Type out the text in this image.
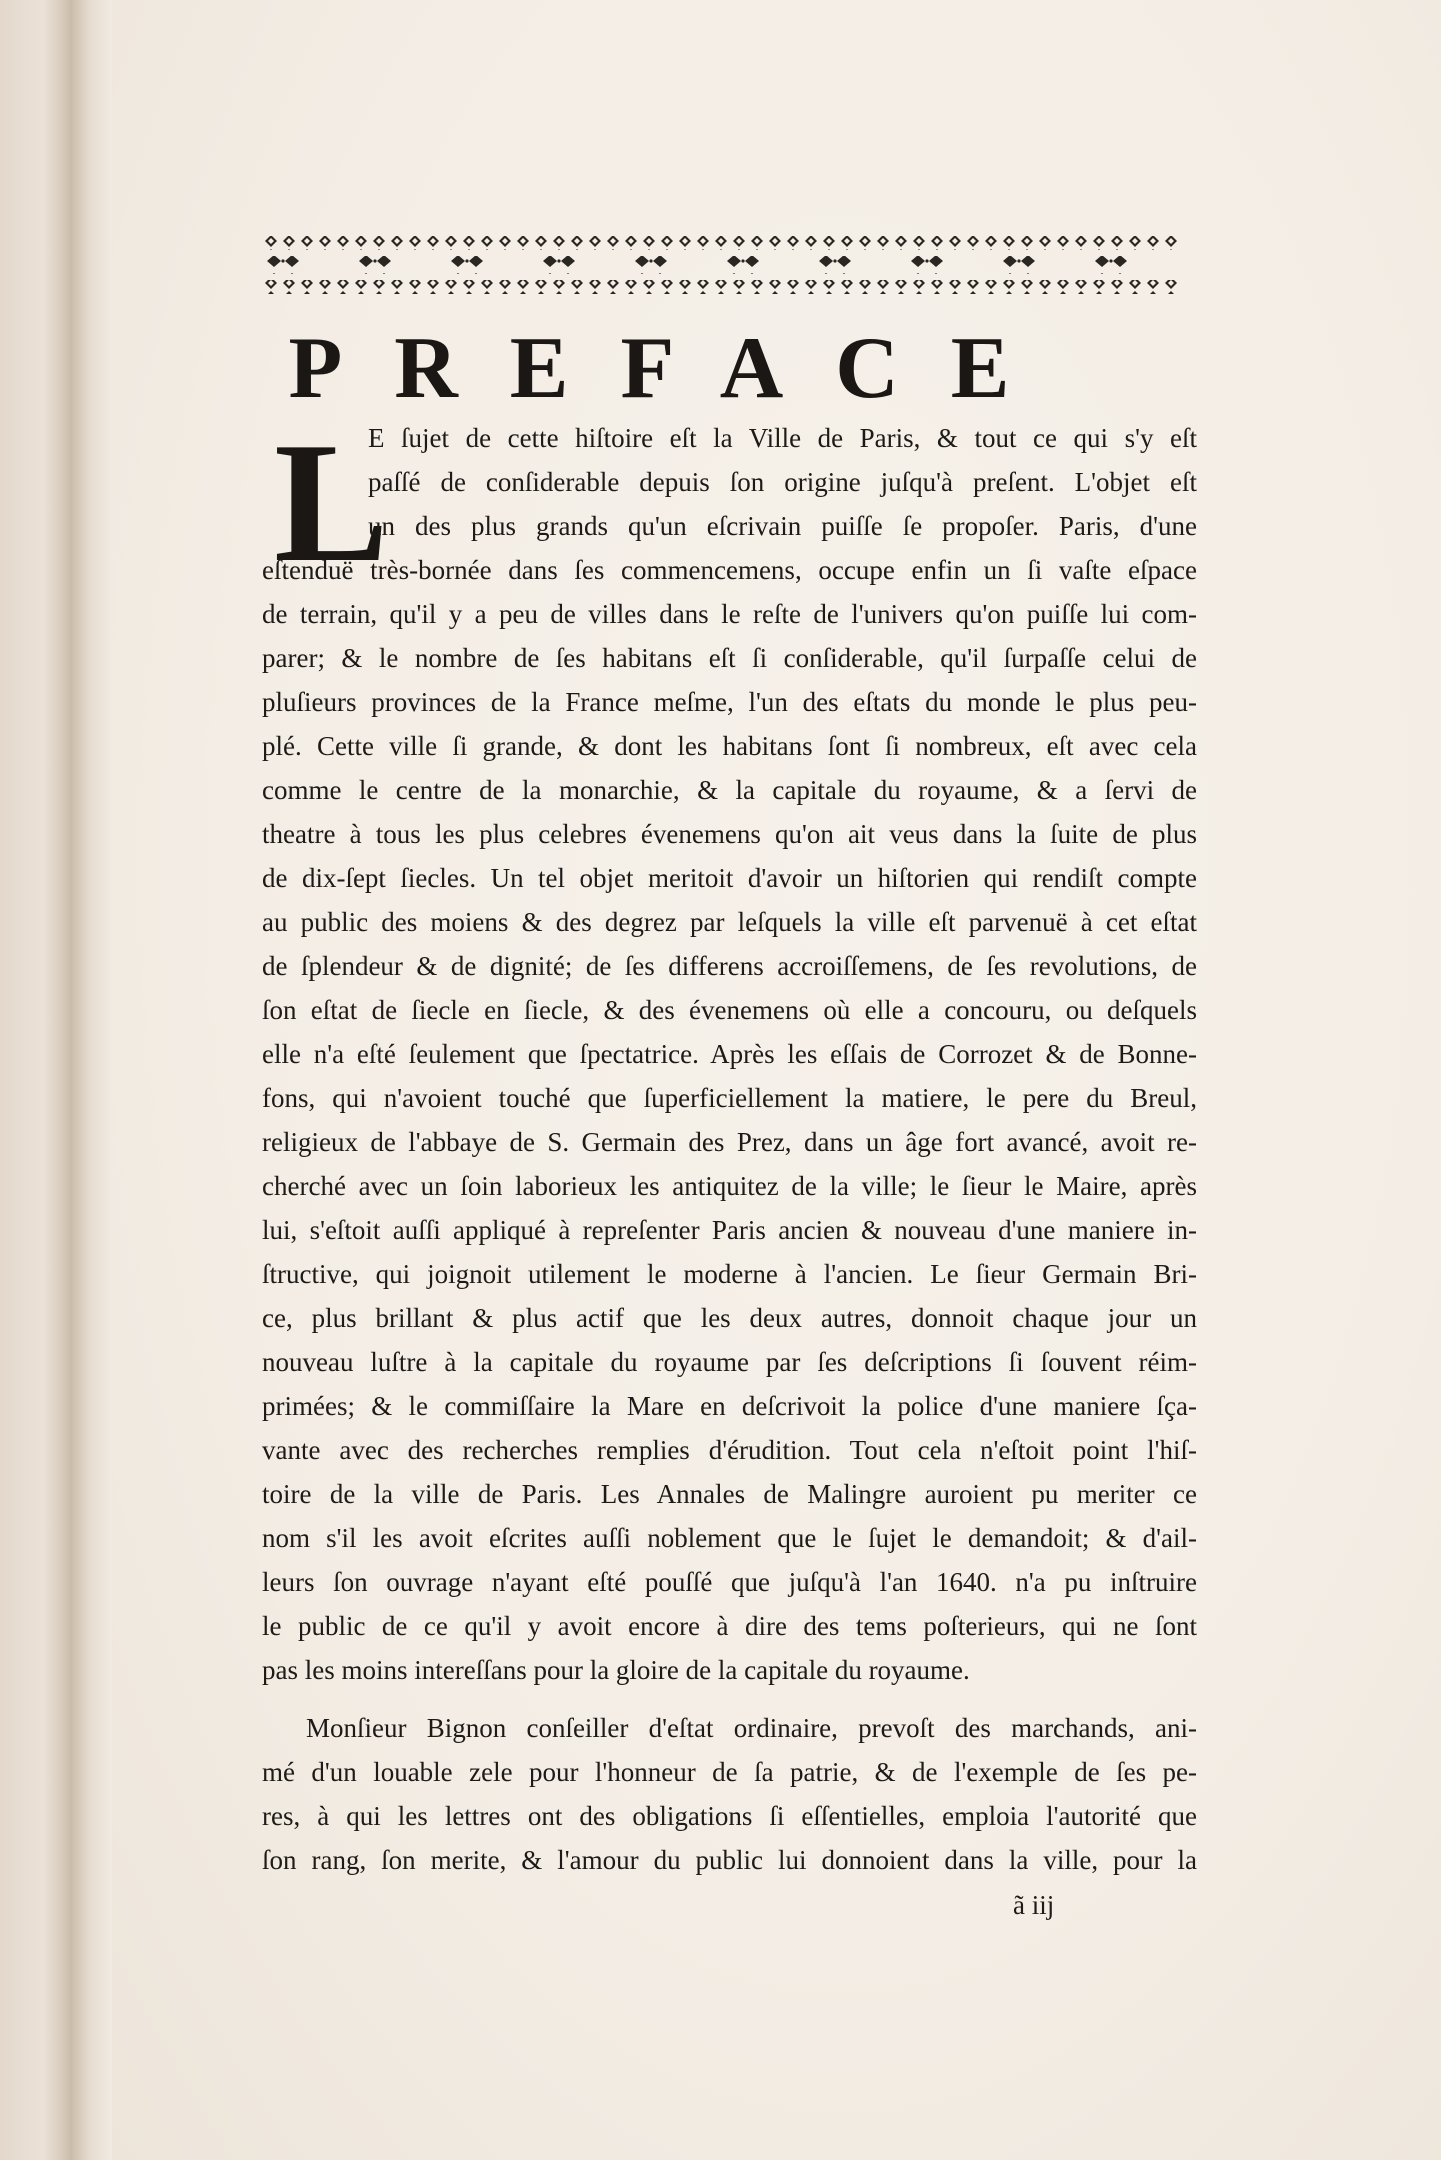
PREFACE
L

E ſujet de cette hiſtoire eſt la Ville de Paris, & tout ce qui s'y eſt

paſſé de conſiderable depuis ſon origine juſqu'à preſent. L'objet eſt

un des plus grands qu'un eſcrivain puiſſe ſe propoſer. Paris, d'une

eſtenduë très-bornée dans ſes commencemens, occupe enfin un ſi vaſte eſpace

de terrain, qu'il y a peu de villes dans le reſte de l'univers qu'on puiſſe lui com-

parer; & le nombre de ſes habitans eſt ſi conſiderable, qu'il ſurpaſſe celui de

pluſieurs provinces de la France meſme, l'un des eſtats du monde le plus peu-

plé. Cette ville ſi grande, & dont les habitans ſont ſi nombreux, eſt avec cela

comme le centre de la monarchie, & la capitale du royaume, & a ſervi de

theatre à tous les plus celebres évenemens qu'on ait veus dans la ſuite de plus

de dix-ſept ſiecles. Un tel objet meritoit d'avoir un hiſtorien qui rendiſt compte

au public des moiens & des degrez par leſquels la ville eſt parvenuë à cet eſtat

de ſplendeur & de dignité; de ſes differens accroiſſemens, de ſes revolutions, de

ſon eſtat de ſiecle en ſiecle, & des évenemens où elle a concouru, ou deſquels

elle n'a eſté ſeulement que ſpectatrice. Après les eſſais de Corrozet & de Bonne-

fons, qui n'avoient touché que ſuperficiellement la matiere, le pere du Breul,

religieux de l'abbaye de S. Germain des Prez, dans un âge fort avancé, avoit re-

cherché avec un ſoin laborieux les antiquitez de la ville; le ſieur le Maire, après

lui, s'eſtoit auſſi appliqué à repreſenter Paris ancien & nouveau d'une maniere in-

ſtructive, qui joignoit utilement le moderne à l'ancien. Le ſieur Germain Bri-

ce, plus brillant & plus actif que les deux autres, donnoit chaque jour un

nouveau luſtre à la capitale du royaume par ſes deſcriptions ſi ſouvent réim-

primées; & le commiſſaire la Mare en deſcrivoit la police d'une maniere ſça-

vante avec des recherches remplies d'érudition. Tout cela n'eſtoit point l'hiſ-

toire de la ville de Paris. Les Annales de Malingre auroient pu meriter ce

nom s'il les avoit eſcrites auſſi noblement que le ſujet le demandoit; & d'ail-

leurs ſon ouvrage n'ayant eſté pouſſé que juſqu'à l'an 1640. n'a pu inſtruire

le public de ce qu'il y avoit encore à dire des tems poſterieurs, qui ne ſont

pas les moins intereſſans pour la gloire de la capitale du royaume.

Monſieur Bignon conſeiller d'eſtat ordinaire, prevoſt des marchands, ani-

mé d'un louable zele pour l'honneur de ſa patrie, & de l'exemple de ſes pe-

res, à qui les lettres ont des obligations ſi eſſentielles, emploia l'autorité que

ſon rang, ſon merite, & l'amour du public lui donnoient dans la ville, pour la

ã iij
